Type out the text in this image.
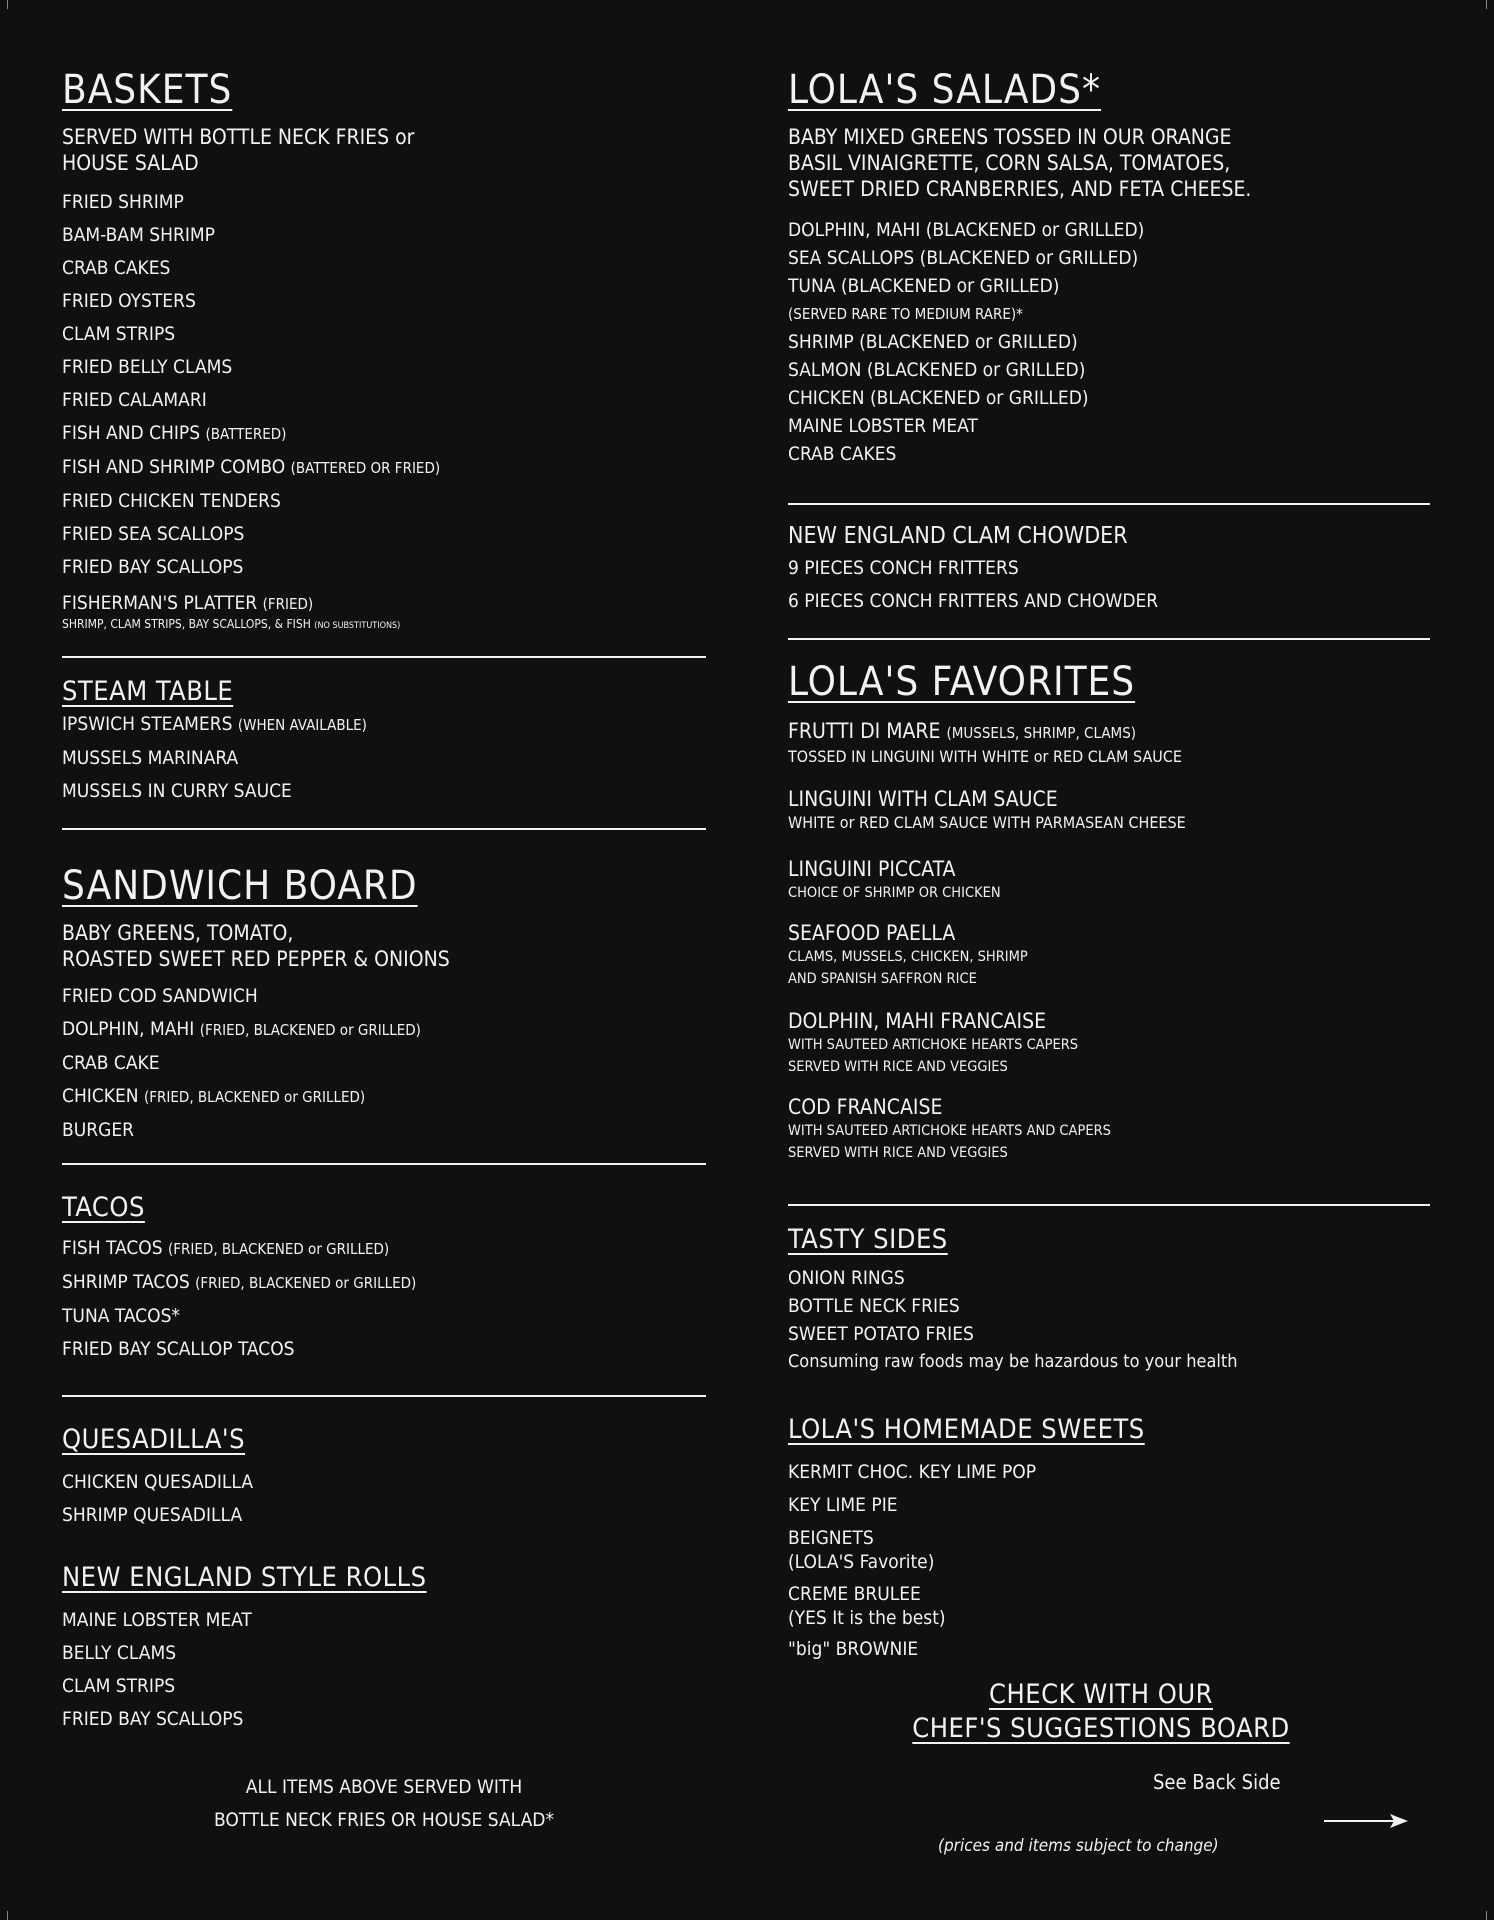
BASKETS
SERVED WITH BOTTLE NECK FRIES or
HOUSE SALAD
FRIED SHRIMP
BAM-BAM SHRIMP
CRAB CAKES
FRIED OYSTERS
CLAM STRIPS
FRIED BELLY CLAMS
FRIED CALAMARI
FISH AND CHIPS (BATTERED)
FISH AND SHRIMP COMBO (BATTERED OR FRIED)
FRIED CHICKEN TENDERS
FRIED SEA SCALLOPS
FRIED BAY SCALLOPS
FISHERMAN'S PLATTER (FRIED)
SHRIMP, CLAM STRIPS, BAY SCALLOPS, & FISH (NO SUBSTITUTIONS)
STEAM TABLE
IPSWICH STEAMERS (WHEN AVAILABLE)
MUSSELS MARINARA
MUSSELS IN CURRY SAUCE
SANDWICH BOARD
BABY GREENS, TOMATO,
ROASTED SWEET RED PEPPER & ONIONS
FRIED COD SANDWICH
DOLPHIN, MAHI (FRIED, BLACKENED or GRILLED)
CRAB CAKE
CHICKEN (FRIED, BLACKENED or GRILLED)
BURGER
TACOS
FISH TACOS (FRIED, BLACKENED or GRILLED)
SHRIMP TACOS (FRIED, BLACKENED or GRILLED)
TUNA TACOS*
FRIED BAY SCALLOP TACOS
QUESADILLA'S
CHICKEN QUESADILLA
SHRIMP QUESADILLA
NEW ENGLAND STYLE ROLLS
MAINE LOBSTER MEAT
BELLY CLAMS
CLAM STRIPS
FRIED BAY SCALLOPS
ALL ITEMS ABOVE SERVED WITH
BOTTLE NECK FRIES OR HOUSE SALAD*
LOLA'S SALADS*
BABY MIXED GREENS TOSSED IN OUR ORANGE
BASIL VINAIGRETTE, CORN SALSA, TOMATOES,
SWEET DRIED CRANBERRIES, AND FETA CHEESE.
DOLPHIN, MAHI (BLACKENED or GRILLED)
SEA SCALLOPS (BLACKENED or GRILLED)
TUNA (BLACKENED or GRILLED)
(SERVED RARE TO MEDIUM RARE)*
SHRIMP (BLACKENED or GRILLED)
SALMON (BLACKENED or GRILLED)
CHICKEN (BLACKENED or GRILLED)
MAINE LOBSTER MEAT
CRAB CAKES
NEW ENGLAND CLAM CHOWDER
9 PIECES CONCH FRITTERS
6 PIECES CONCH FRITTERS AND CHOWDER
LOLA'S FAVORITES
FRUTTI DI MARE (MUSSELS, SHRIMP, CLAMS)
TOSSED IN LINGUINI WITH WHITE or RED CLAM SAUCE
LINGUINI WITH CLAM SAUCE
WHITE or RED CLAM SAUCE WITH PARMASEAN CHEESE
LINGUINI PICCATA
CHOICE OF SHRIMP OR CHICKEN
SEAFOOD PAELLA
CLAMS, MUSSELS, CHICKEN, SHRIMP
AND SPANISH SAFFRON RICE
DOLPHIN, MAHI FRANCAISE
WITH SAUTEED ARTICHOKE HEARTS CAPERS
SERVED WITH RICE AND VEGGIES
COD FRANCAISE
WITH SAUTEED ARTICHOKE HEARTS AND CAPERS
SERVED WITH RICE AND VEGGIES
TASTY SIDES
ONION RINGS
BOTTLE NECK FRIES
SWEET POTATO FRIES
Consuming raw foods may be hazardous to your health
LOLA'S HOMEMADE SWEETS
KERMIT CHOC. KEY LIME POP
KEY LIME PIE
BEIGNETS
(LOLA'S Favorite)
CREME BRULEE
(YES It is the best)
"big" BROWNIE
CHECK WITH OUR
CHEF'S SUGGESTIONS BOARD
See Back Side
(prices and items subject to change)
